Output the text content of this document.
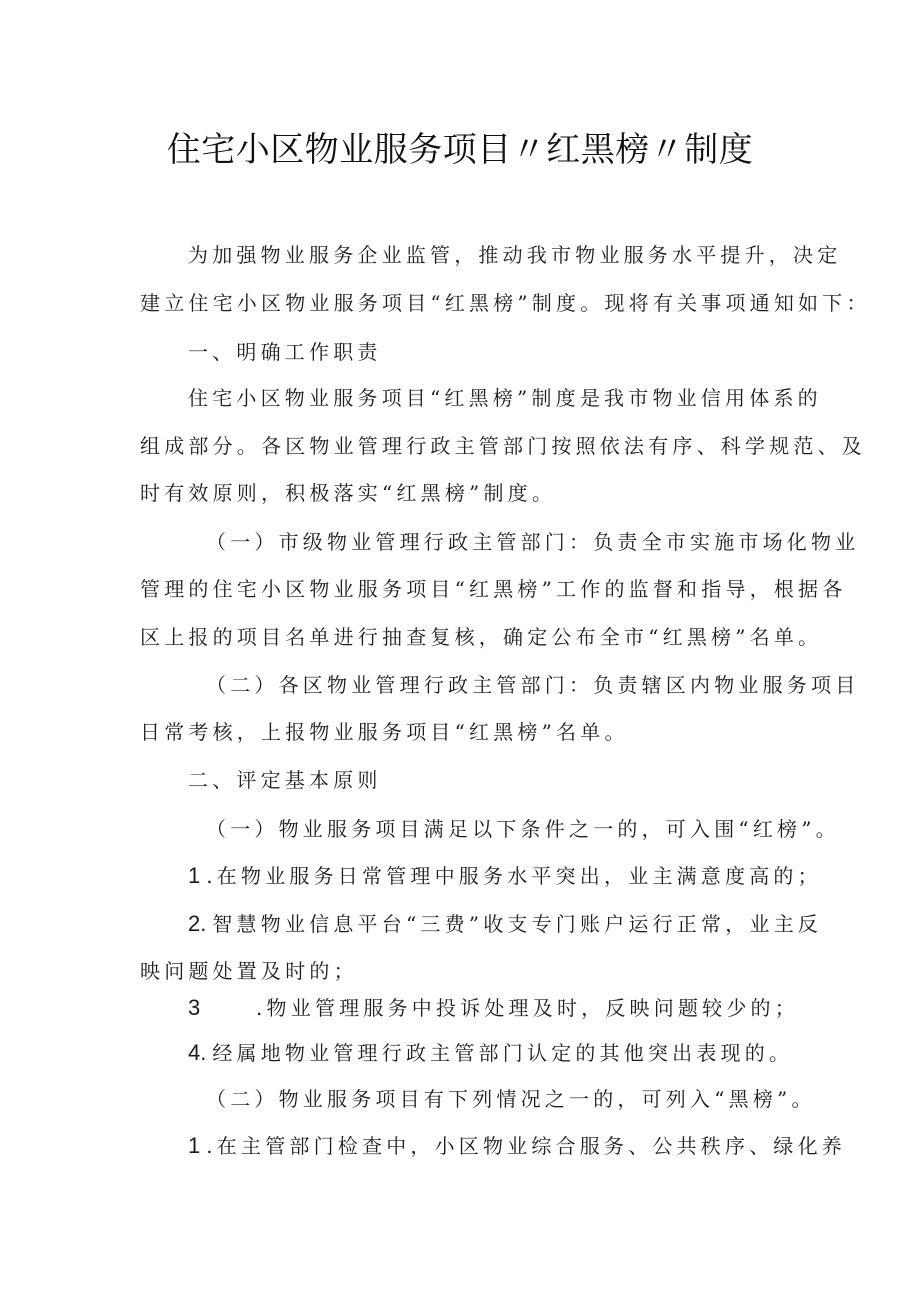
住宅小区物业服务项目〃红黑榜〃制度
为加强物业服务企业监管，推动我市物业服务水平提升，决定
建立住宅小区物业服务项目“红黑榜”制度。现将有关事项通知如下：
一、明确工作职责
住宅小区物业服务项目“红黑榜”制度是我市物业信用体系的
组成部分。各区物业管理行政主管部门按照依法有序、科学规范、及
时有效原则，积极落实“红黑榜”制度。
（一）市级物业管理行政主管部门：负责全市实施市场化物业
管理的住宅小区物业服务项目“红黑榜”工作的监督和指导，根据各
区上报的项目名单进行抽查复核，确定公布全市“红黑榜”名单。
（二）各区物业管理行政主管部门：负责辖区内物业服务项目
日常考核，上报物业服务项目“红黑榜”名单。
二、评定基本原则
（一）物业服务项目满足以下条件之一的，可入围“红榜”。
1 .在物业服务日常管理中服务水平突出，业主满意度高的；
2. 智慧物业信息平台“三费”收支专门账户运行正常，业主反
映问题处置及时的；
3	.物业管理服务中投诉处理及时，反映问题较少的；
4. 经属地物业管理行政主管部门认定的其他突出表现的。
（二）物业服务项目有下列情况之一的，可列入“黑榜”。
1 .在主管部门检查中，小区物业综合服务、公共秩序、绿化养
